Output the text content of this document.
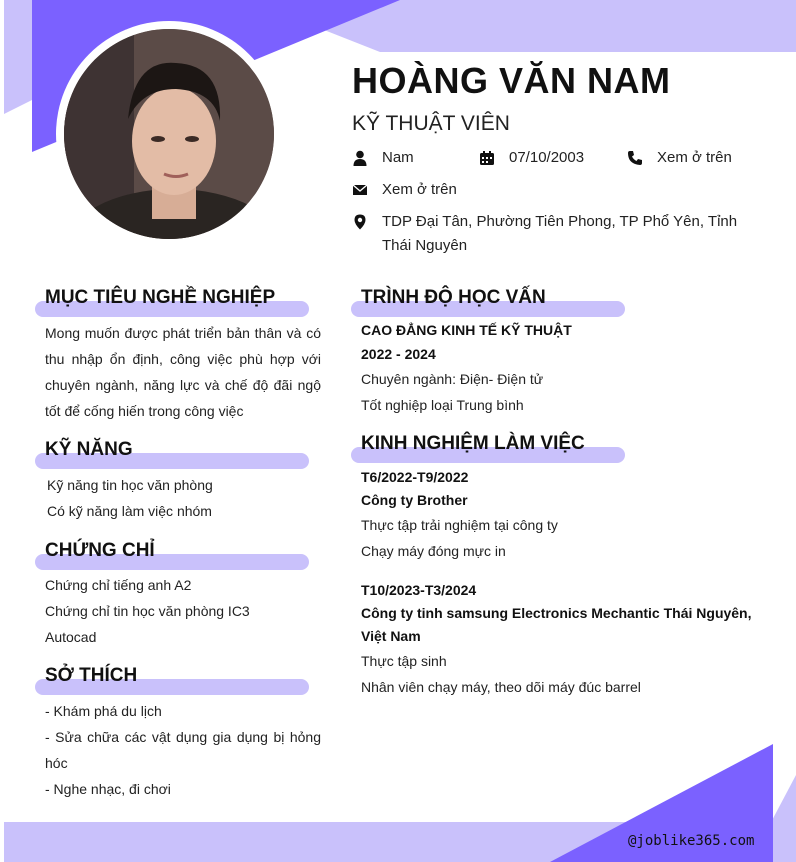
HOÀNG VĂN NAM
KỸ THUẬT VIÊN
Nam	07/10/2003	Xem ở trên
Xem ở trên
TDP Đại Tân, Phường Tiên Phong, TP Phổ Yên, Tỉnh
Thái Nguyên
MỤC TIÊU NGHỀ NGHIỆP
Mong muốn được phát triển bản thân và có
thu nhập ổn định, công việc phù hợp với
chuyên ngành, năng lực và chế độ đãi ngộ
tốt để cống hiến trong công việc
KỸ NĂNG
Kỹ năng tin học văn phòng
Có kỹ năng làm việc nhóm
CHỨNG CHỈ
Chứng chỉ tiếng anh A2
Chứng chỉ tin học văn phòng IC3
Autocad
SỞ THÍCH
- Khám phá du lịch
- Sửa chữa các vật dụng gia dụng bị hỏng
hóc
- Nghe nhạc, đi chơi
TRÌNH ĐỘ HỌC VẤN
CAO ĐẲNG KINH TẾ KỸ THUẬT
2022 - 2024
Chuyên ngành: Điện- Điện tử
Tốt nghiệp loại Trung bình
KINH NGHIỆM LÀM VIỆC
T6/2022-T9/2022
Công ty Brother
Thực tập trải nghiệm tại công ty
Chạy máy đóng mực in
T10/2023-T3/2024
Công ty tinh samsung Electronics Mechantic Thái Nguyên,
Việt Nam
Thực tập sinh
Nhân viên chạy máy, theo dõi máy đúc barrel
@joblike365.com
